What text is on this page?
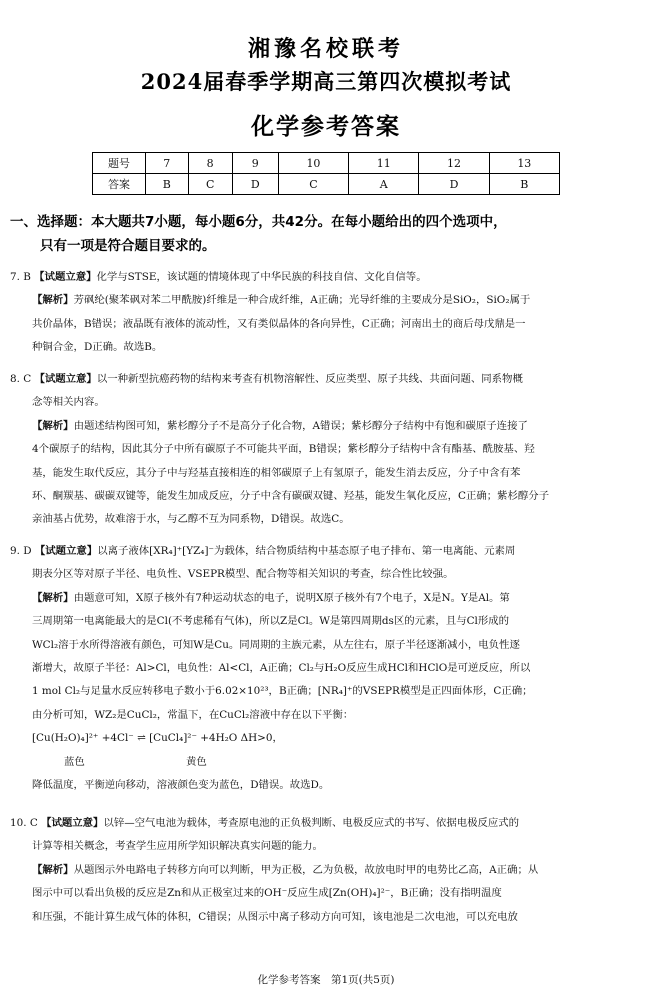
湘豫名校联考
2024届春季学期高三第四次模拟考试
化学参考答案
题号	7	8	9	10	11	12	13
答案	B	C	D	C	A	D	B
一、选择题：本大题共7小题，每小题6分，共42分。在每小题给出的四个选项中，
只有一项是符合题目要求的。
7. B 【试题立意】化学与STSE，该试题的情境体现了中华民族的科技自信、文化自信等。
【解析】芳砜纶(聚苯砜对苯二甲酰胺)纤维是一种合成纤维，A正确；光导纤维的主要成分是SiO₂，SiO₂属于
共价晶体，B错误；液晶既有液体的流动性，又有类似晶体的各向异性，C正确；河南出土的商后母戊鼎是一
种铜合金，D正确。故选B。
8. C 【试题立意】以一种新型抗癌药物的结构来考查有机物溶解性、反应类型、原子共线、共面问题、同系物概
念等相关内容。
【解析】由题述结构图可知，紫杉醇分子不是高分子化合物，A错误；紫杉醇分子结构中有饱和碳原子连接了
4个碳原子的结构，因此其分子中所有碳原子不可能共平面，B错误；紫杉醇分子结构中含有酯基、酰胺基、羟
基，能发生取代反应，其分子中与羟基直接相连的相邻碳原子上有氢原子，能发生消去反应，分子中含有苯
环、酮羰基、碳碳双键等，能发生加成反应，分子中含有碳碳双键、羟基，能发生氧化反应，C正确；紫杉醇分子
亲油基占优势，故难溶于水，与乙醇不互为同系物，D错误。故选C。
9. D 【试题立意】以离子液体[XR₄]⁺[YZ₄]⁻为载体，结合物质结构中基态原子电子排布、第一电离能、元素周
期表分区等对原子半径、电负性、VSEPR模型、配合物等相关知识的考查，综合性比较强。
【解析】由题意可知，X原子核外有7种运动状态的电子，说明X原子核外有7个电子，X是N。Y是Al。第
三周期第一电离能最大的是Cl(不考虑稀有气体)，所以Z是Cl。W是第四周期ds区的元素，且与Cl形成的
WCl₂溶于水所得溶液有颜色，可知W是Cu。同周期的主族元素，从左往右，原子半径逐渐减小，电负性逐
渐增大，故原子半径：Al>Cl，电负性：Al<Cl，A正确；Cl₂与H₂O反应生成HCl和HClO是可逆反应，所以
1 mol Cl₂与足量水反应转移电子数小于6.02×10²³，B正确；[NR₄]⁺的VSEPR模型是正四面体形，C正确；
由分析可知，WZ₂是CuCl₂，常温下，在CuCl₂溶液中存在以下平衡：
[Cu(H₂O)₄]²⁺ +4Cl⁻ ⇌ [CuCl₄]²⁻ +4H₂O ΔH>0，
蓝色	黄色
降低温度，平衡逆向移动，溶液颜色变为蓝色，D错误。故选D。
10. C 【试题立意】以锌—空气电池为载体，考查原电池的正负极判断、电极反应式的书写、依据电极反应式的
计算等相关概念，考查学生应用所学知识解决真实问题的能力。
【解析】从题图示外电路电子转移方向可以判断，甲为正极，乙为负极，故放电时甲的电势比乙高，A正确；从
图示中可以看出负极的反应是Zn和从正极室过来的OH⁻反应生成[Zn(OH)₄]²⁻，B正确；没有指明温度
和压强，不能计算生成气体的体积，C错误；从图示中离子移动方向可知，该电池是二次电池，可以充电放
化学参考答案　第1页(共5页)
